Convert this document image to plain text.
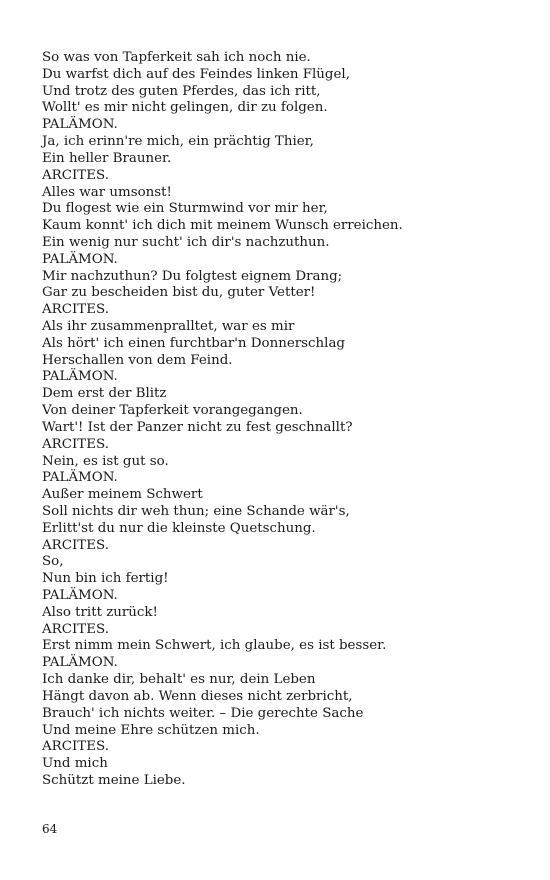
So was von Tapferkeit sah ich noch nie.
Du warfst dich auf des Feindes linken Flügel,
Und trotz des guten Pferdes, das ich ritt,
Wollt' es mir nicht gelingen, dir zu folgen.
PALÄMON.
Ja, ich erinn're mich, ein prächtig Thier,
Ein heller Brauner.
ARCITES.
Alles war umsonst!
Du flogest wie ein Sturmwind vor mir her,
Kaum konnt' ich dich mit meinem Wunsch erreichen.
Ein wenig nur sucht' ich dir's nachzuthun.
PALÄMON.
Mir nachzuthun? Du folgtest eignem Drang;
Gar zu bescheiden bist du, guter Vetter!
ARCITES.
Als ihr zusammenpralltet, war es mir
Als hört' ich einen furchtbar'n Donnerschlag
Herschallen von dem Feind.
PALÄMON.
Dem erst der Blitz
Von deiner Tapferkeit vorangegangen.
Wart'! Ist der Panzer nicht zu fest geschnallt?
ARCITES.
Nein, es ist gut so.
PALÄMON.
Außer meinem Schwert
Soll nichts dir weh thun; eine Schande wär's,
Erlitt'st du nur die kleinste Quetschung.
ARCITES.
So,
Nun bin ich fertig!
PALÄMON.
Also tritt zurück!
ARCITES.
Erst nimm mein Schwert, ich glaube, es ist besser.
PALÄMON.
Ich danke dir, behalt' es nur, dein Leben
Hängt davon ab. Wenn dieses nicht zerbricht,
Brauch' ich nichts weiter. – Die gerechte Sache
Und meine Ehre schützen mich.
ARCITES.
Und mich
Schützt meine Liebe.
64
